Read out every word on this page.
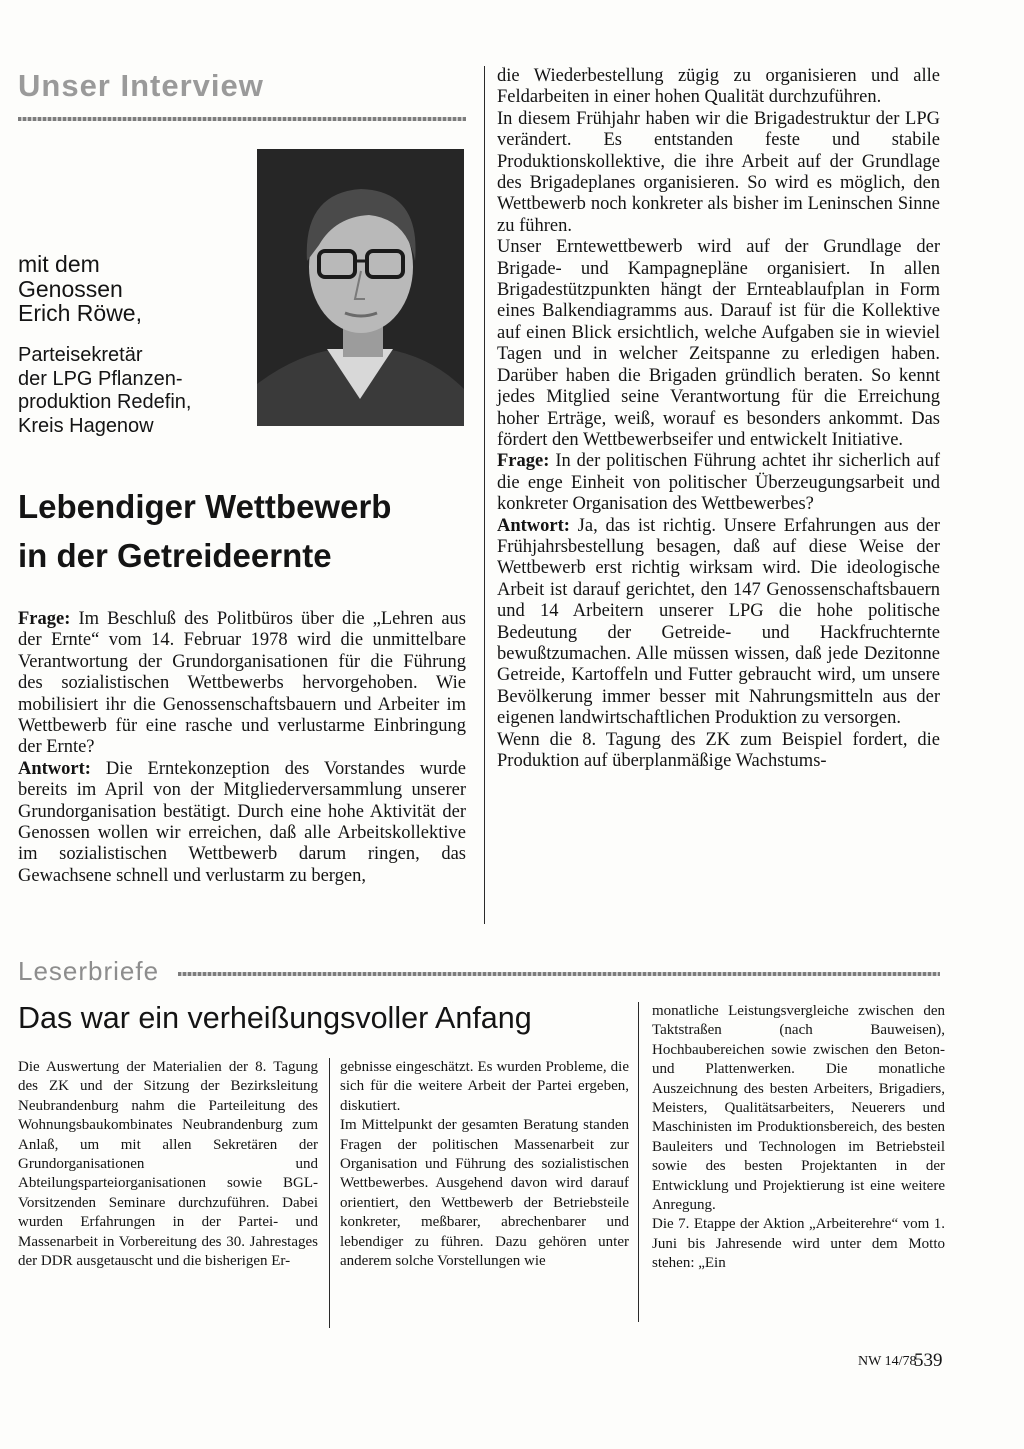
Unser Interview
mit dem
Genossen
Erich Röwe,
Parteisekretär
der LPG Pflanzen-
produktion Redefin,
Kreis Hagenow
Lebendiger Wettbewerb
in der Getreideernte

Frage: Im Beschluß des Politbüros über die „Lehren aus der Ernte“ vom 14. Februar 1978 wird die unmittelbare Verantwortung der Grundorganisationen für die Führung des sozialistischen Wettbewerbs hervorgehoben. Wie mobilisiert ihr die Genossenschaftsbauern und Arbeiter im Wettbewerb für eine rasche und verlustarme Einbringung der Ernte?

Antwort: Die Erntekonzeption des Vorstandes wurde bereits im April von der Mitgliederversammlung unserer Grundorganisation bestätigt. Durch eine hohe Aktivität der Genossen wollen wir erreichen, daß alle Arbeitskollektive im sozialistischen Wettbewerb darum ringen, das Gewachsene schnell und verlustarm zu bergen,

die Wiederbestellung zügig zu organisieren und alle Feldarbeiten in einer hohen Qualität durchzuführen.

In diesem Frühjahr haben wir die Brigadestruktur der LPG verändert. Es entstanden feste und stabile Produktionskollektive, die ihre Arbeit auf der Grundlage des Brigadeplanes organisieren. So wird es möglich, den Wettbewerb noch konkreter als bisher im Leninschen Sinne zu führen.

Unser Erntewettbewerb wird auf der Grundlage der Brigade- und Kampagnepläne organisiert. In allen Brigadestützpunkten hängt der Ernteablaufplan in Form eines Balkendiagramms aus. Darauf ist für die Kollektive auf einen Blick ersichtlich, welche Aufgaben sie in wieviel Tagen und in welcher Zeitspanne zu erledigen haben. Darüber haben die Brigaden gründlich beraten. So kennt jedes Mitglied seine Verantwortung für die Erreichung hoher Erträge, weiß, worauf es besonders ankommt. Das fördert den Wettbewerbseifer und entwickelt Initiative.

Frage: In der politischen Führung achtet ihr sicherlich auf die enge Einheit von politischer Überzeugungsarbeit und konkreter Organisation des Wettbewerbes?

Antwort: Ja, das ist richtig. Unsere Erfahrungen aus der Frühjahrsbestellung besagen, daß auf diese Weise der Wettbewerb erst richtig wirksam wird. Die ideologische Arbeit ist darauf gerichtet, den 147 Genossenschaftsbauern und 14 Arbeitern unserer LPG die hohe politische Bedeutung der Getreide- und Hackfruchternte bewußtzumachen. Alle müssen wissen, daß jede Dezitonne Getreide, Kartoffeln und Futter gebraucht wird, um unsere Bevölkerung immer besser mit Nahrungsmitteln aus der eigenen landwirtschaftlichen Produktion zu versorgen.

Wenn die 8. Tagung des ZK zum Beispiel fordert, die Produktion auf überplanmäßige Wachstums-

Leserbriefe
Das war ein verheißungsvoller Anfang

Die Auswertung der Materialien der 8. Tagung des ZK und der Sitzung der Bezirksleitung Neubrandenburg nahm die Parteileitung des Wohnungsbaukombinates Neubrandenburg zum Anlaß, um mit allen Sekretären der Grundorganisationen und Abteilungsparteiorganisationen sowie BGL-Vorsitzenden Seminare durchzuführen. Dabei wurden Erfahrungen in der Partei- und Massenarbeit in Vorbereitung des 30. Jahrestages der DDR ausgetauscht und die bisherigen Er-

gebnisse eingeschätzt. Es wurden Probleme, die sich für die weitere Arbeit der Partei ergeben, diskutiert.

Im Mittelpunkt der gesamten Beratung standen Fragen der politischen Massenarbeit zur Organisation und Führung des sozialistischen Wettbewerbes. Ausgehend davon wird darauf orientiert, den Wettbewerb der Betriebsteile konkreter, meßbarer, abrechenbarer und lebendiger zu führen. Dazu gehören unter anderem solche Vorstellungen wie

monatliche Leistungsvergleiche zwischen den Taktstraßen (nach Bauweisen), Hochbaubereichen sowie zwischen den Beton- und Plattenwerken. Die monatliche Auszeichnung des besten Arbeiters, Brigadiers, Meisters, Qualitätsarbeiters, Neuerers und Maschinisten im Produktionsbereich, des besten Bauleiters und Technologen im Betriebsteil sowie des besten Projektanten in der Entwicklung und Projektierung ist eine weitere Anregung.

Die 7. Etappe der Aktion „Arbeiterehre“ vom 1. Juni bis Jahresende wird unter dem Motto stehen: „Ein

NW 14/78
539
